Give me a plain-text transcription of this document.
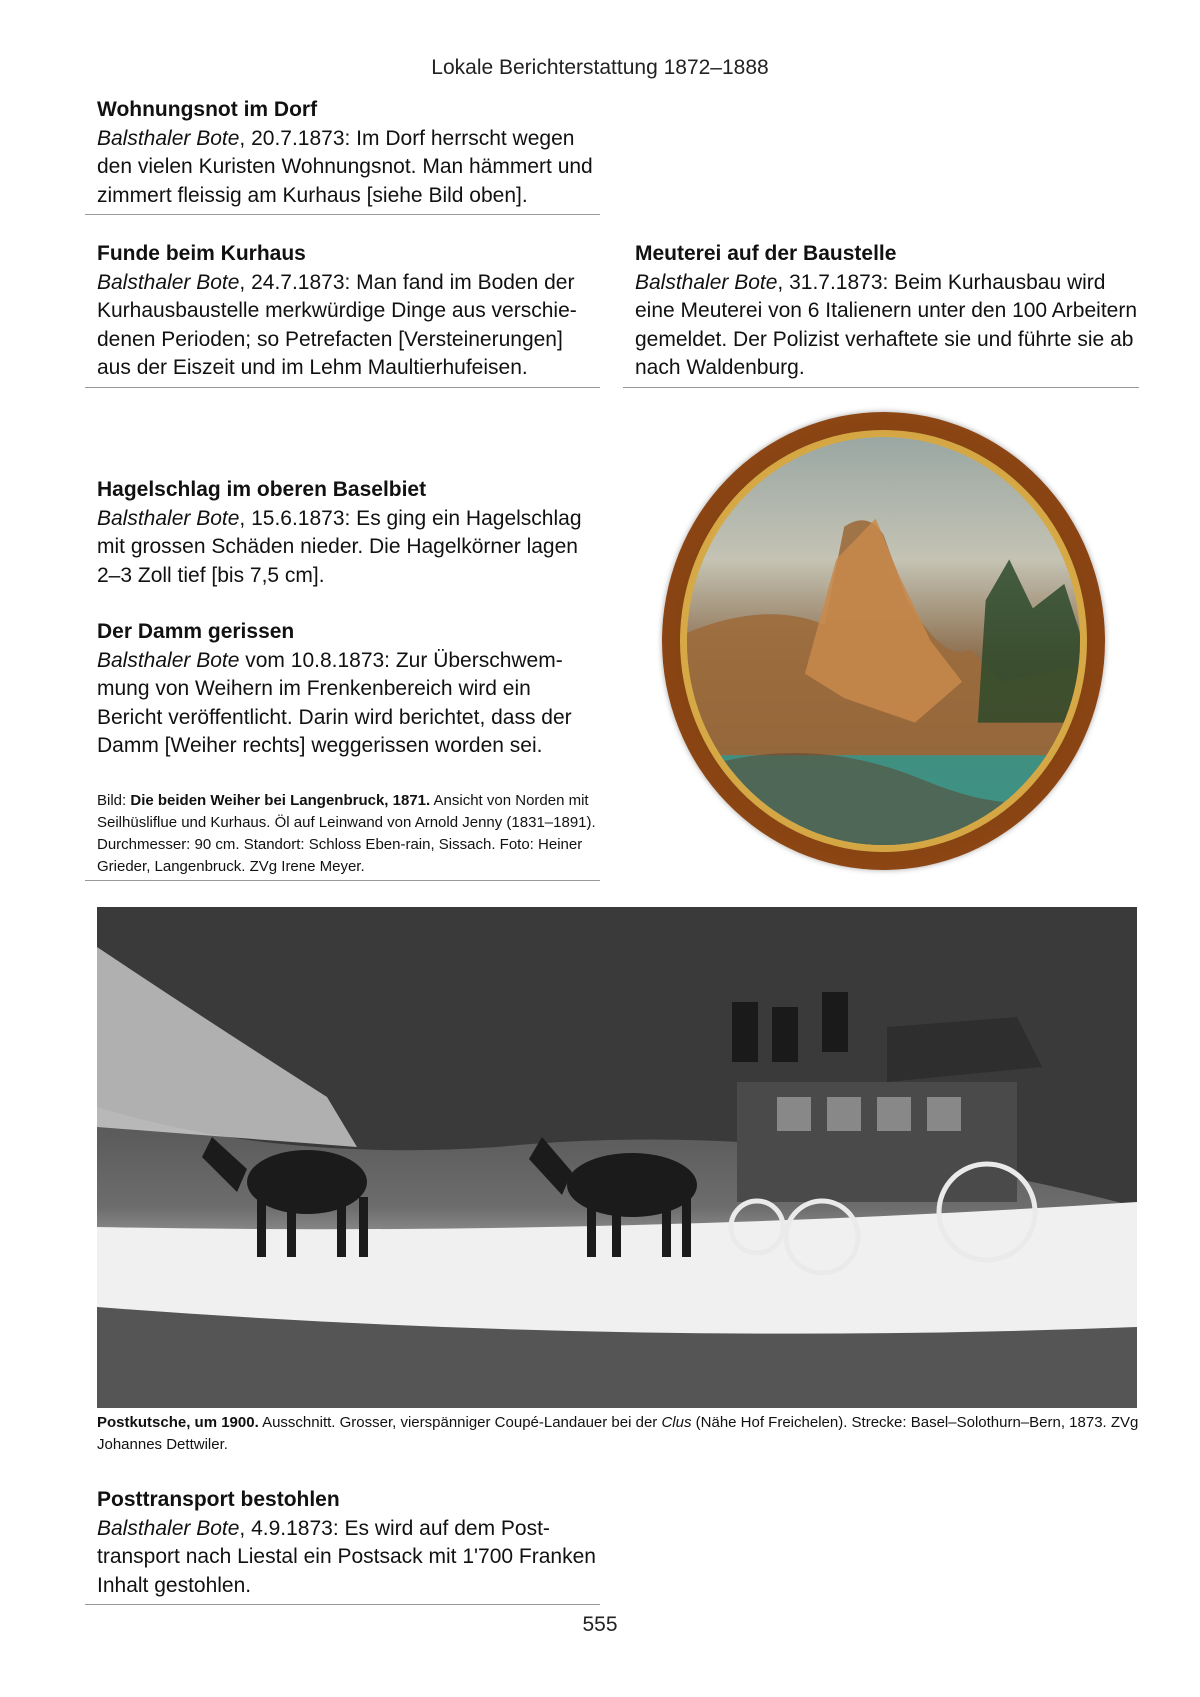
Lokale Berichterstattung 1872–1888
Wohnungsnot im Dorf

Balsthaler Bote, 20.7.1873: Im Dorf herrscht wegen den vielen Kuristen Wohnungsnot. Man hämmert und zimmert fleissig am Kurhaus [siehe Bild oben].

Funde beim Kurhaus

Balsthaler Bote, 24.7.1873: Man fand im Boden der Kurhausbaustelle merkwürdige Dinge aus verschie-denen Perioden; so Petrefacten [Versteinerungen] aus der Eiszeit und im Lehm Maultierhufeisen.

Meuterei auf der Baustelle

Balsthaler Bote, 31.7.1873: Beim Kurhausbau wird eine Meuterei von 6 Italienern unter den 100 Arbeitern gemeldet. Der Polizist verhaftete sie und führte sie ab nach Waldenburg.

Hagelschlag im oberen Baselbiet

Balsthaler Bote, 15.6.1873: Es ging ein Hagelschlag mit grossen Schäden nieder. Die Hagelkörner lagen 2–3 Zoll tief [bis 7,5 cm].

Der Damm gerissen

Balsthaler Bote vom 10.8.1873: Zur Überschwem-mung von Weihern im Frenkenbereich wird ein Bericht veröffentlicht. Darin wird berichtet, dass der Damm [Weiher rechts] weggerissen worden sei.

Bild: Die beiden Weiher bei Langenbruck, 1871. Ansicht von Norden mit Seilhüsliflue und Kurhaus. Öl auf Leinwand von Arnold Jenny (1831–1891). Durchmesser: 90 cm. Standort: Schloss Eben-rain, Sissach. Foto: Heiner Grieder, Langenbruck. ZVg Irene Meyer.
Postkutsche, um 1900. Ausschnitt. Grosser, vierspänniger Coupé-Landauer bei der Clus (Nähe Hof Freichelen). Strecke: Basel–Solothurn–Bern, 1873. ZVg Johannes Dettwiler.
Posttransport bestohlen

Balsthaler Bote, 4.9.1873: Es wird auf dem Post-transport nach Liestal ein Postsack mit 1'700 Franken Inhalt gestohlen.

555
